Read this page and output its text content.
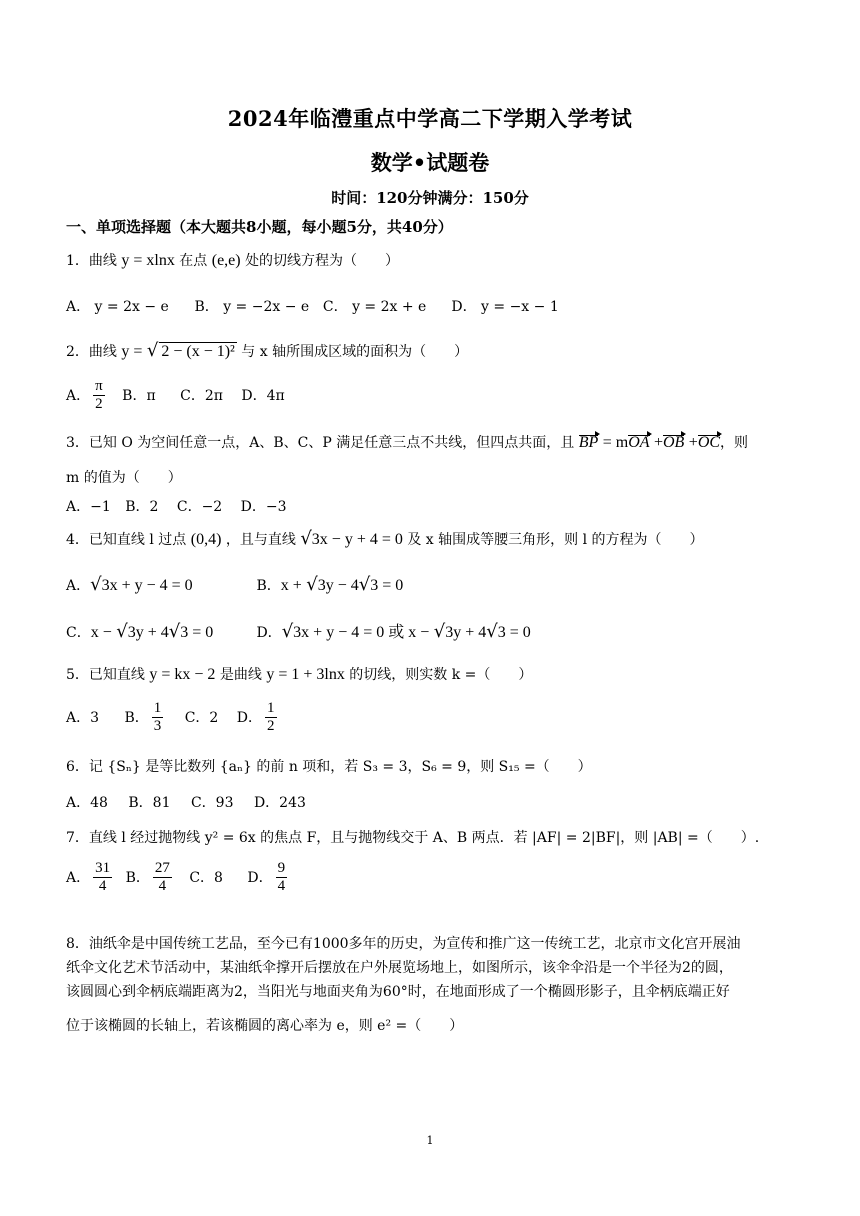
2024年临澧重点中学高二下学期入学考试
数学•试题卷
时间：120分钟满分：150分
一、单项选择题（本大题共8小题，每小题5分，共40分）
1．曲线 y = xlnx 在点 (e,e) 处的切线方程为（　　）
A． y = 2x − e B． y = −2x − e C． y = 2x + e D． y = −x − 1
2．曲线 y = √ 2 − (x − 1)² 与 x 轴所围成区域的面积为（　　）
A． $\frac{\pi}{2}$ B．π C．2π D．4π
3．已知 O 为空间任意一点，A、B、C、P 满足任意三点不共线，但四点共面，且 BP = mOA +OB +OC，则
m 的值为（　　）
A．−1 B．2 C．−2 D．−3
4．已知直线 l 过点 (0,4) ，且与直线 √3x − y + 4 = 0 及 x 轴围成等腰三角形，则 l 的方程为（　　）
A．√3x + y − 4 = 0	B．x + √3y − 4√3 = 0
C．x − √3y + 4√3 = 0	D．√3x + y − 4 = 0 或 x − √3y + 4√3 = 0
5．已知直线 y = kx − 2 是曲线 y = 1 + 3lnx 的切线，则实数 k =（　　）
A．3 B． $\frac{1}{3}$ C．2 D． $\frac{1}{2}$
6．记 {Sₙ} 是等比数列 {aₙ} 的前 n 项和，若 S₃ = 3，S₆ = 9，则 S₁₅ =（　　）
A．48 B．81 C．93 D．243
7．直线 l 经过抛物线 y² = 6x 的焦点 F，且与抛物线交于 A、B 两点．若 |AF| = 2|BF|，则 |AB| =（　　）.
A． $\frac{31}{4}$ B． $\frac{27}{4}$ C．8 D． $\frac{9}{4}$
8．油纸伞是中国传统工艺品，至今已有1000多年的历史，为宣传和推广这一传统工艺，北京市文化宫开展油
纸伞文化艺术节活动中，某油纸伞撑开后摆放在户外展览场地上，如图所示，该伞伞沿是一个半径为2的圆，
该圆圆心到伞柄底端距离为2，当阳光与地面夹角为60°时，在地面形成了一个椭圆形影子，且伞柄底端正好
位于该椭圆的长轴上，若该椭圆的离心率为 e，则 e² =（　　）
1
